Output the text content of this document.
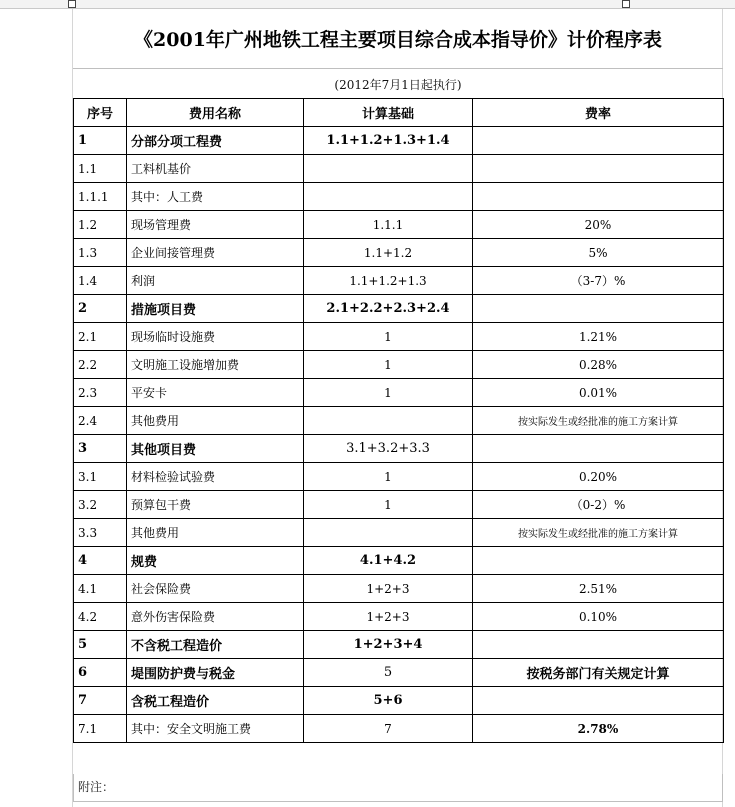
《2001年广州地铁工程主要项目综合成本指导价》计价程序表
(2012年7月1日起执行)
序号	费用名称	计算基础	费率
1	分部分项工程费	1.1+1.2+1.3+1.4	
1.1	工料机基价		
1.1.1	其中：人工费		
1.2	现场管理费	1.1.1	20%
1.3	企业间接管理费	1.1+1.2	5%
1.4	利润	1.1+1.2+1.3	（3-7）%
2	措施项目费	2.1+2.2+2.3+2.4	
2.1	现场临时设施费	1	1.21%
2.2	文明施工设施增加费	1	0.28%
2.3	平安卡	1	0.01%
2.4	其他费用		按实际发生或经批准的施工方案计算
3	其他项目费	3.1+3.2+3.3	
3.1	材料检验试验费	1	0.20%
3.2	预算包干费	1	（0-2）%
3.3	其他费用		按实际发生或经批准的施工方案计算
4	规费	4.1+4.2	
4.1	社会保险费	1+2+3	2.51%
4.2	意外伤害保险费	1+2+3	0.10%
5	不含税工程造价	1+2+3+4	
6	堤围防护费与税金	5	按税务部门有关规定计算
7	含税工程造价	5+6	
7.1	其中：安全文明施工费	7	2.78%
附注：
